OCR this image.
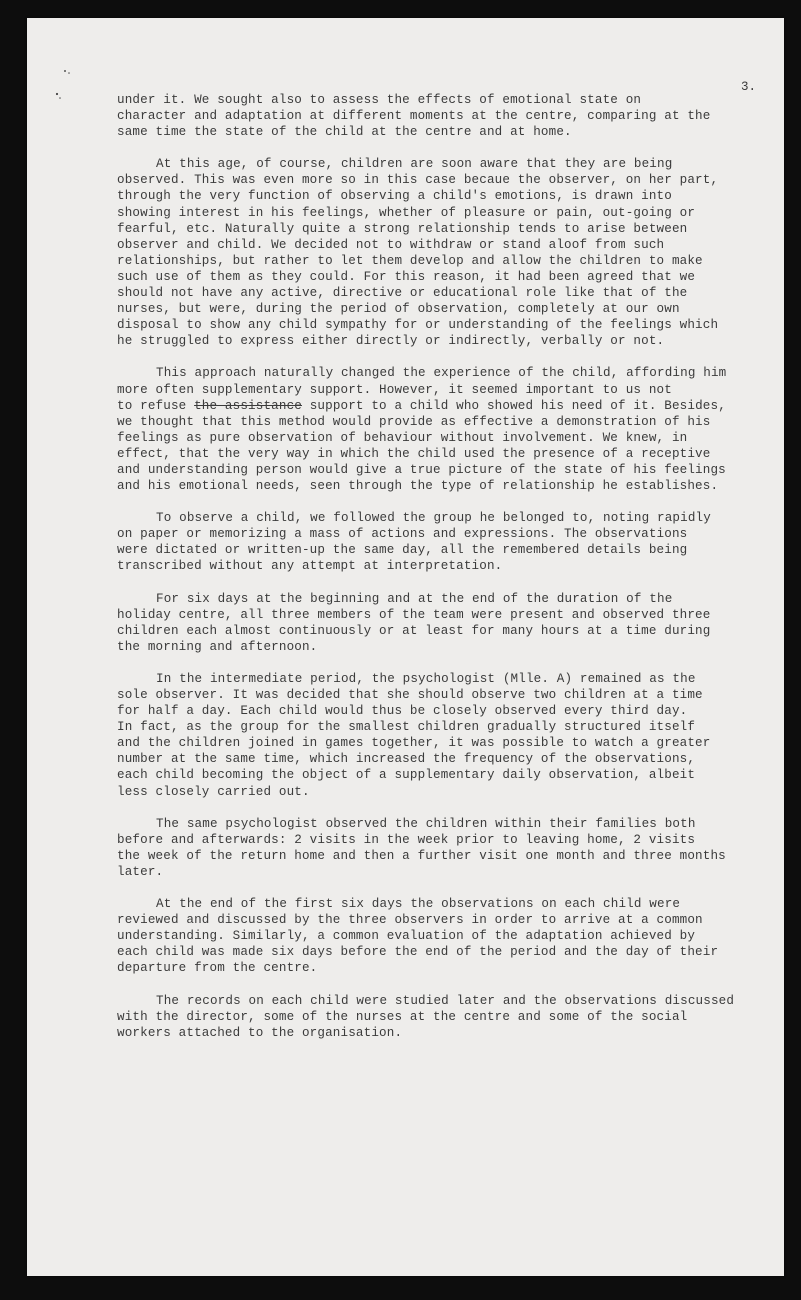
3.
under it. We sought also to assess the effects of emotional state on
character and adaptation at different moments at the centre, comparing at the
same time the state of the child at the centre and at home.
At this age, of course, children are soon aware that they are being
observed. This was even more so in this case becaue the observer, on her part,
through the very function of observing a child's emotions, is drawn into
showing interest in his feelings, whether of pleasure or pain, out-going or
fearful, etc. Naturally quite a strong relationship tends to arise between
observer and child. We decided not to withdraw or stand aloof from such
relationships, but rather to let them develop and allow the children to make
such use of them as they could. For this reason, it had been agreed that we
should not have any active, directive or educational role like that of the
nurses, but were, during the period of observation, completely at our own
disposal to show any child sympathy for or understanding of the feelings which
he struggled to express either directly or indirectly, verbally or not.
This approach naturally changed the experience of the child, affording him
more often supplementary support. However, it seemed important to us not
to refuse the assistance support to a child who showed his need of it. Besides,
we thought that this method would provide as effective a demonstration of his
feelings as pure observation of behaviour without involvement. We knew, in
effect, that the very way in which the child used the presence of a receptive
and understanding person would give a true picture of the state of his feelings
and his emotional needs, seen through the type of relationship he establishes.
To observe a child, we followed the group he belonged to, noting rapidly
on paper or memorizing a mass of actions and expressions. The observations
were dictated or written-up the same day, all the remembered details being
transcribed without any attempt at interpretation.
For six days at the beginning and at the end of the duration of the
holiday centre, all three members of the team were present and observed three
children each almost continuously or at least for many hours at a time during
the morning and afternoon.
In the intermediate period, the psychologist (Mlle. A) remained as the
sole observer. It was decided that she should observe two children at a time
for half a day. Each child would thus be closely observed every third day.
In fact, as the group for the smallest children gradually structured itself
and the children joined in games together, it was possible to watch a greater
number at the same time, which increased the frequency of the observations,
each child becoming the object of a supplementary daily observation, albeit
less closely carried out.
The same psychologist observed the children within their families both
before and afterwards: 2 visits in the week prior to leaving home, 2 visits
the week of the return home and then a further visit one month and three months
later.
At the end of the first six days the observations on each child were
reviewed and discussed by the three observers in order to arrive at a common
understanding. Similarly, a common evaluation of the adaptation achieved by
each child was made six days before the end of the period and the day of their
departure from the centre.
The records on each child were studied later and the observations discussed
with the director, some of the nurses at the centre and some of the social
workers attached to the organisation.
